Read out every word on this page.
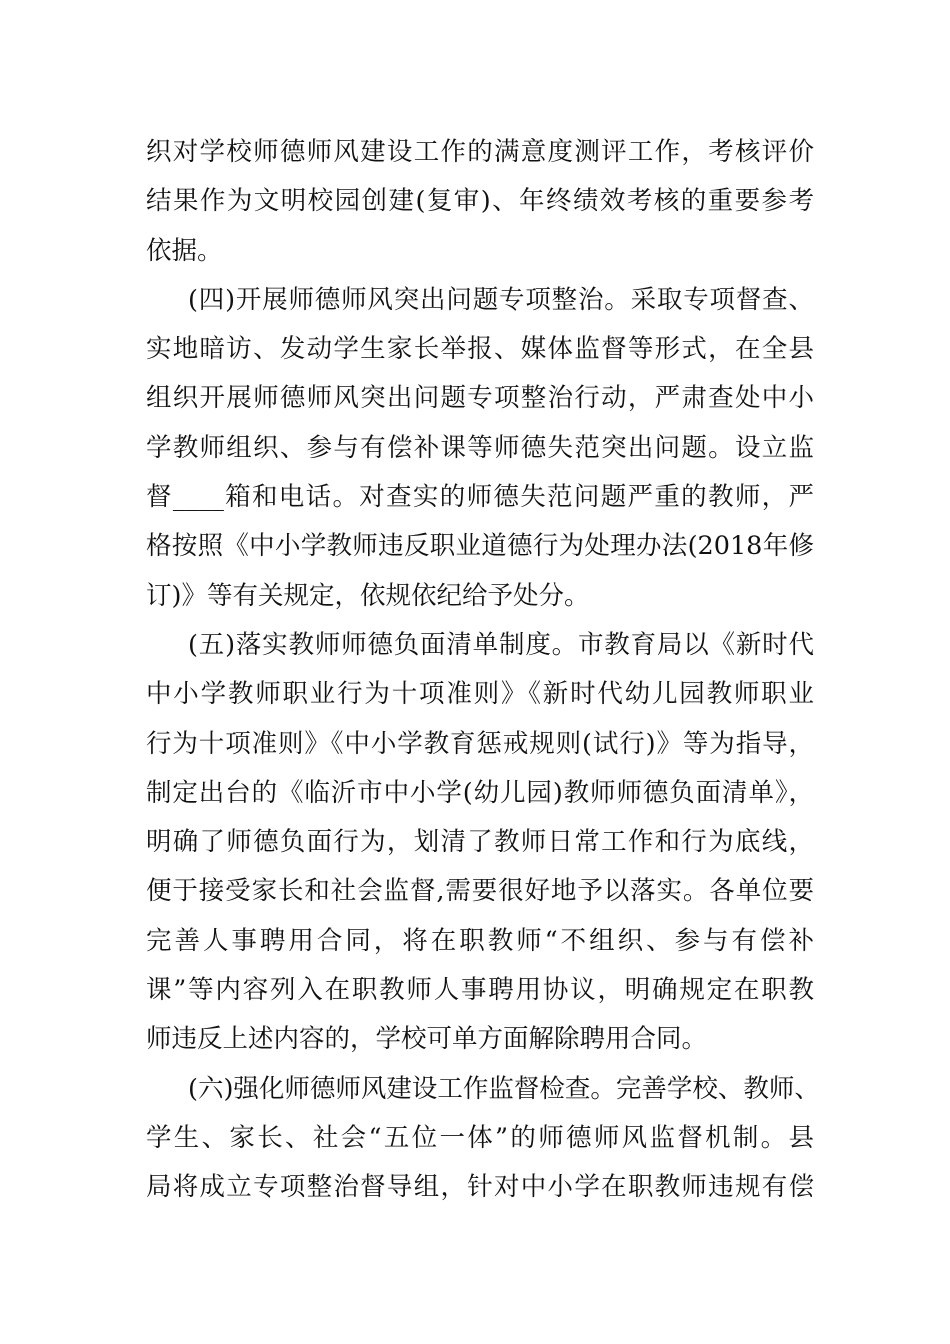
织对学校师德师风建设工作的满意度测评工作，考核评价
结果作为文明校园创建(复审)、年终绩效考核的重要参考
依据。
(四)开展师德师风突出问题专项整治。采取专项督查、
实地暗访、发动学生家长举报、媒体监督等形式，在全县
组织开展师德师风突出问题专项整治行动，严肃查处中小
学教师组织、参与有偿补课等师德失范突出问题。设立监
督____箱和电话。对查实的师德失范问题严重的教师，严
格按照《中小学教师违反职业道德行为处理办法(2018年修
订)》等有关规定，依规依纪给予处分。
(五)落实教师师德负面清单制度。市教育局以《新时代
中小学教师职业行为十项准则》《新时代幼儿园教师职业
行为十项准则》《中小学教育惩戒规则(试行)》等为指导，
制定出台的《临沂市中小学(幼儿园)教师师德负面清单》，
明确了师德负面行为，划清了教师日常工作和行为底线，
便于接受家长和社会监督,需要很好地予以落实。各单位要
完善人事聘用合同，将在职教师“不组织、参与有偿补
课”等内容列入在职教师人事聘用协议，明确规定在职教
师违反上述内容的，学校可单方面解除聘用合同。
(六)强化师德师风建设工作监督检查。完善学校、教师、
学生、家长、社会“五位一体”的师德师风监督机制。县
局将成立专项整治督导组，针对中小学在职教师违规有偿
